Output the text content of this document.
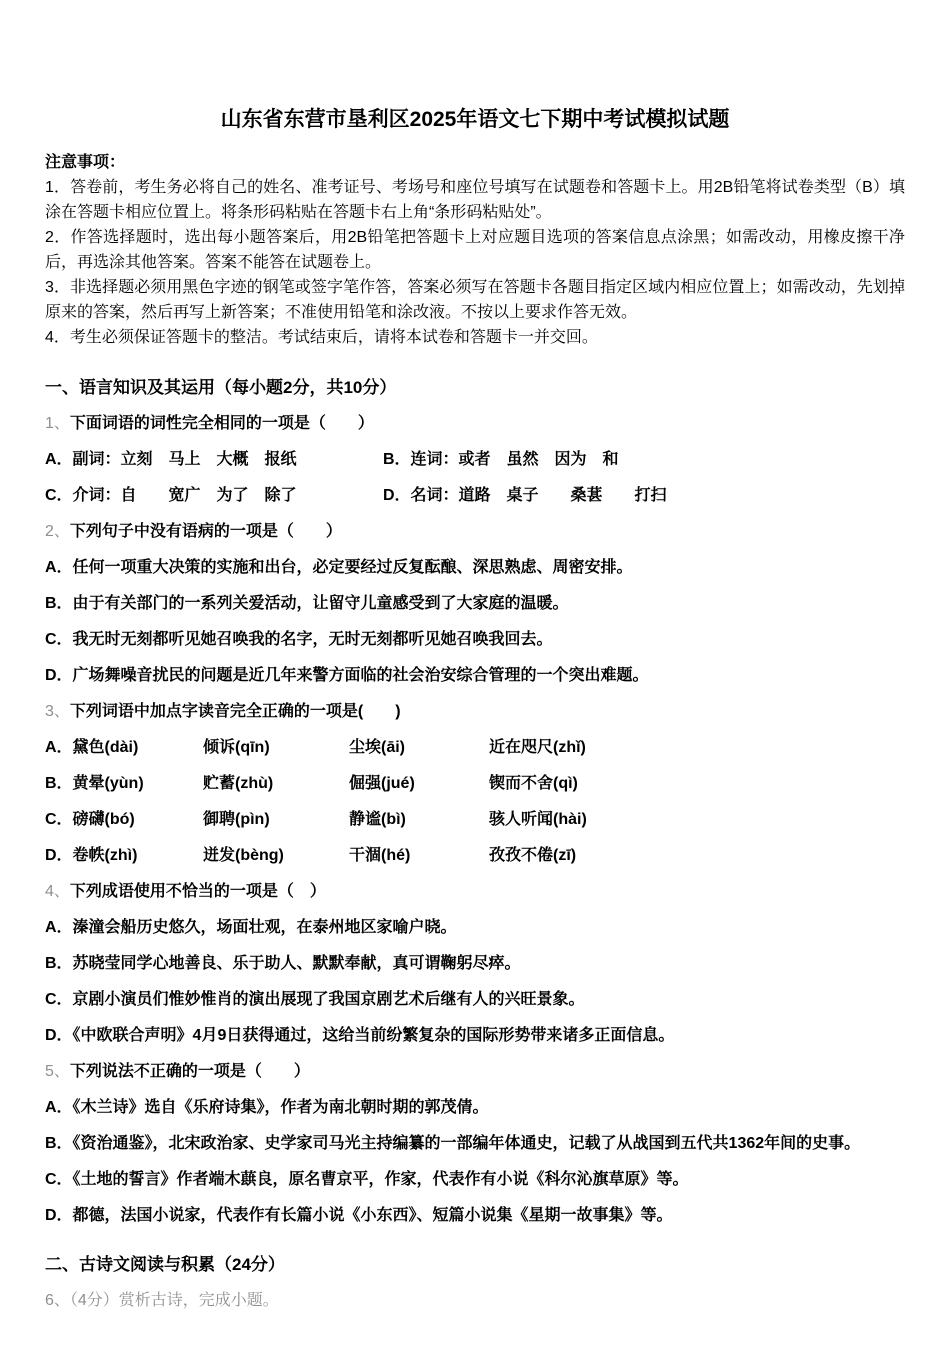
山东省东营市垦利区2025年语文七下期中考试模拟试题

注意事项：

1．答卷前，考生务必将自己的姓名、准考证号、考场号和座位号填写在试题卷和答题卡上。用2B铅笔将试卷类型（B）填涂在答题卡相应位置上。将条形码粘贴在答题卡右上角“条形码粘贴处”。

2．作答选择题时，选出每小题答案后，用2B铅笔把答题卡上对应题目选项的答案信息点涂黑；如需改动，用橡皮擦干净后，再选涂其他答案。答案不能答在试题卷上。

3．非选择题必须用黑色字迹的钢笔或签字笔作答，答案必须写在答题卡各题目指定区域内相应位置上；如需改动，先划掉原来的答案，然后再写上新答案；不准使用铅笔和涂改液。不按以上要求作答无效。

4．考生必须保证答题卡的整洁。考试结束后，请将本试卷和答题卡一并交回。

一、语言知识及其运用（每小题2分，共10分）

1、下面词语的词性完全相同的一项是（　　）

A．副词：立刻　马上　大概　报纸	B．连词：或者　虽然　因为　和
C．介词：自　　宽广　为了　除了	D．名词：道路　桌子　　桑葚　　打扫

2、下列句子中没有语病的一项是（　　）

A．任何一项重大决策的实施和出台，必定要经过反复酝酿、深思熟虑、周密安排。

B．由于有关部门的一系列关爱活动，让留守儿童感受到了大家庭的温暖。

C．我无时无刻都听见她召唤我的名字，无时无刻都听见她召唤我回去。

D．广场舞噪音扰民的问题是近几年来警方面临的社会治安综合管理的一个突出难题。

3、下列词语中加点字读音完全正确的一项是(　　)

A．黛色(dài)	倾诉(qīn)	尘埃(āi)	近在咫尺(zhǐ)
B．黄晕(yùn)	贮蓄(zhù)	倔强(jué)	锲而不舍(qì)
C．磅礴(bó)	御聘(pìn)	静谧(bì)	骇人听闻(hài)
D．卷帙(zhì)	迸发(bèng)	干涸(hé)	孜孜不倦(zī)

4、下列成语使用不恰当的一项是（　）

A．溱潼会船历史悠久，场面壮观，在泰州地区家喻户晓。

B．苏晓莹同学心地善良、乐于助人、默默奉献，真可谓鞠躬尽瘁。

C．京剧小演员们惟妙惟肖的演出展现了我国京剧艺术后继有人的兴旺景象。

D．《中欧联合声明》4月9日获得通过，这给当前纷繁复杂的国际形势带来诸多正面信息。

5、下列说法不正确的一项是（　　）

A．《木兰诗》选自《乐府诗集》，作者为南北朝时期的郭茂倩。

B．《资治通鉴》，北宋政治家、史学家司马光主持编纂的一部编年体通史，记载了从战国到五代共1362年间的史事。

C．《土地的誓言》作者端木蕻良，原名曹京平，作家，代表作有小说《科尔沁旗草原》等。

D．都德，法国小说家，代表作有长篇小说《小东西》、短篇小说集《星期一故事集》等。

二、古诗文阅读与积累（24分）

6、（4分）赏析古诗，完成小题。
